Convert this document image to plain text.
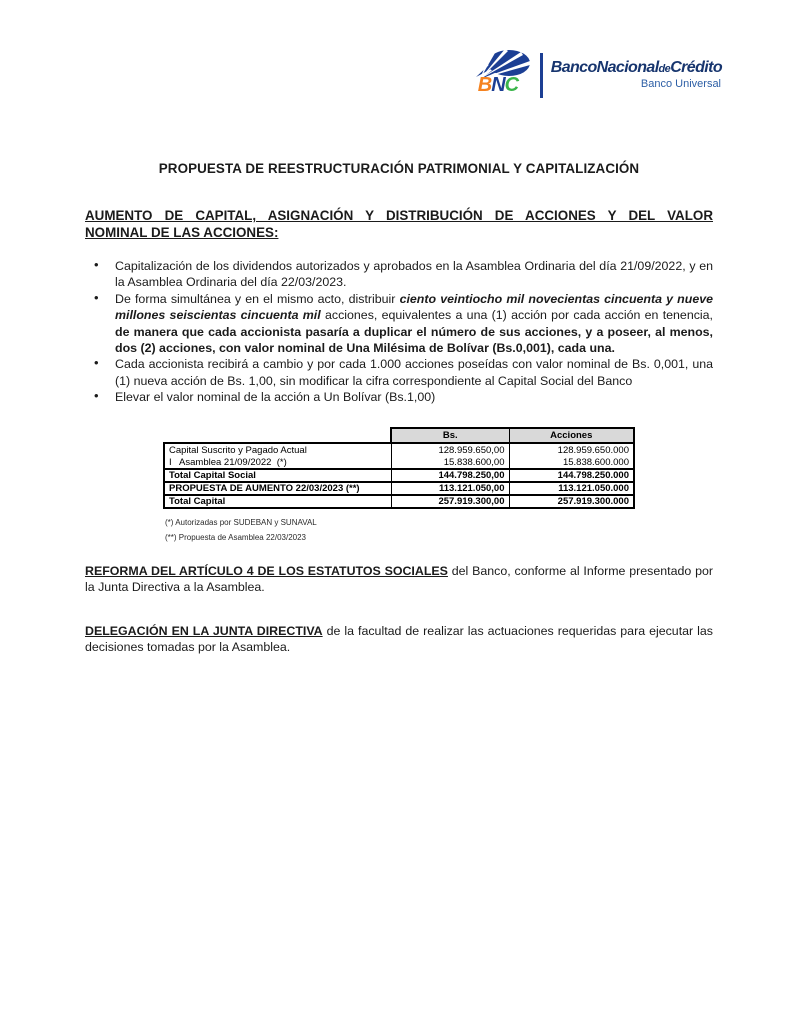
BNC
BancoNacionaldeCrédito
Banco Universal
PROPUESTA DE REESTRUCTURACIÓN PATRIMONIAL Y CAPITALIZACIÓN
AUMENTO DE CAPITAL, ASIGNACIÓN Y DISTRIBUCIÓN DE ACCIONES Y DEL VALOR
NOMINAL DE LAS ACCIONES:
• Capitalización de los dividendos autorizados y aprobados en la Asamblea Ordinaria del día 21/09/2022, y en la Asamblea Ordinaria del día 22/03/2023.
• De forma simultánea y en el mismo acto, distribuir ciento veintiocho mil novecientas cincuenta y nueve millones seiscientas cincuenta mil acciones, equivalentes a una (1) acción por cada acción en tenencia, de manera que cada accionista pasaría a duplicar el número de sus acciones, y a poseer, al menos, dos (2) acciones, con valor nominal de Una Milésima de Bolívar (Bs.0,001), cada una.
• Cada accionista recibirá a cambio y por cada 1.000 acciones poseídas con valor nominal de Bs. 0,001, una (1) nueva acción de Bs. 1,00, sin modificar la cifra correspondiente al Capital Social del Banco
• Elevar el valor nominal de la acción a Un Bolívar (Bs.1,00)
	Bs.	Acciones
Capital Suscrito y Pagado Actual	128.959.650,00	128.959.650.000
I   Asamblea 21/09/2022  (*)	15.838.600,00	15.838.600.000
Total Capital Social	144.798.250,00	144.798.250.000
PROPUESTA DE AUMENTO 22/03/2023 (**)	113.121.050,00	113.121.050.000
Total Capital	257.919.300,00	257.919.300.000
(*) Autorizadas por SUDEBAN y SUNAVAL
(**) Propuesta de Asamblea 22/03/2023
REFORMA DEL ARTÍCULO 4 DE LOS ESTATUTOS SOCIALES del Banco, conforme al Informe presentado por la Junta Directiva a la Asamblea.
DELEGACIÓN EN LA JUNTA DIRECTIVA de la facultad de realizar las actuaciones requeridas para ejecutar las decisiones tomadas por la Asamblea.
